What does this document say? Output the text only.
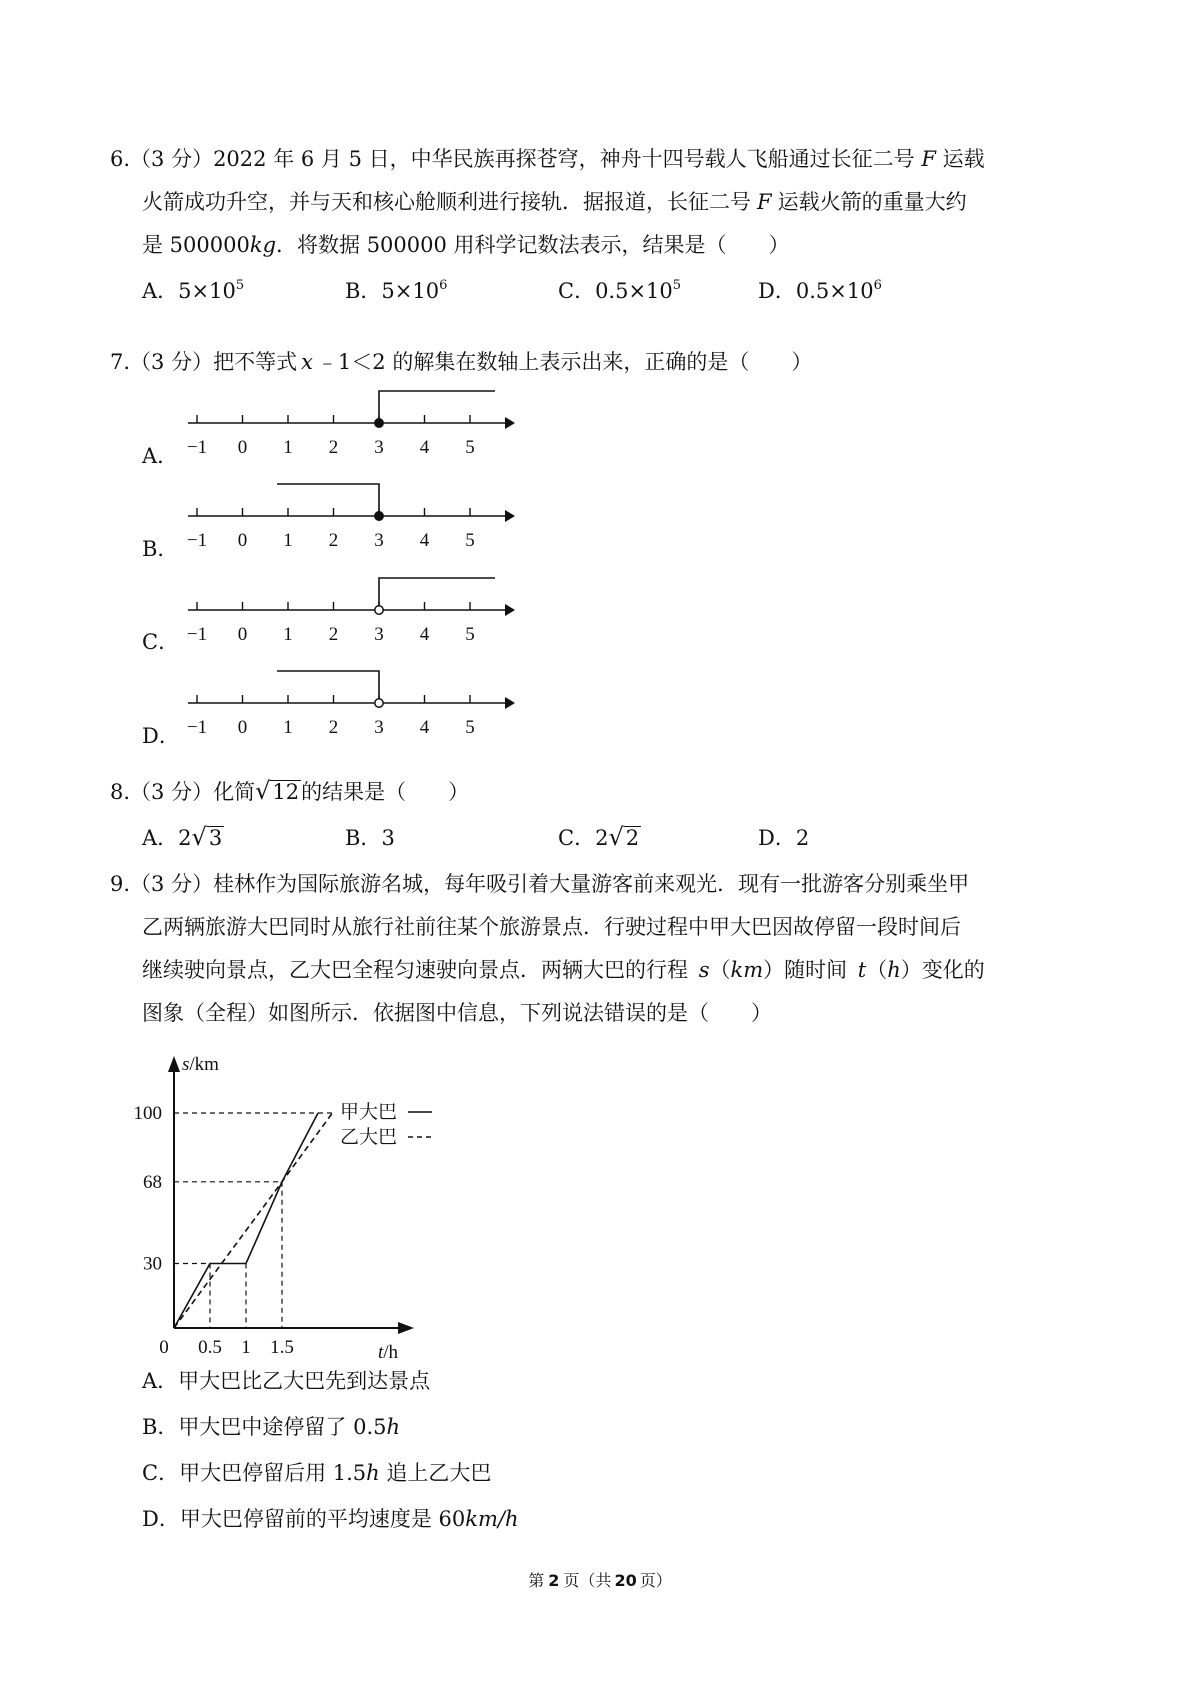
6.（3 分）2022 年 6 月 5 日，中华民族再探苍穹，神舟十四号载人飞船通过长征二号 F 运载
火箭成功升空，并与天和核心舱顺利进行接轨．据报道，长征二号 F 运载火箭的重量大约
是 500000kg．将数据 500000 用科学记数法表示，结果是（　　）
A．$5\times 10^5$	B．$5\times 10^6$	C．$0.5\times 10^5$	D．$0.5\times 10^6$
7.（3 分）把不等式 x ﹣1＜2 的解集在数轴上表示出来，正确的是（　　）
A．
B．
C．
D．
−1 0 1 2 3 4 5
−1 0 1 2 3 4 5
−1 0 1 2 3 4 5
−1 0 1 2 3 4 5
8.（3 分）化简√12的结果是（　　）
A．2√3	B．3	C．2√2	D．2
9.（3 分）桂林作为国际旅游名城，每年吸引着大量游客前来观光．现有一批游客分别乘坐甲
乙两辆旅游大巴同时从旅行社前往某个旅游景点．行驶过程中甲大巴因故停留一段时间后
继续驶向景点，乙大巴全程匀速驶向景点．两辆大巴的行程 s（km）随时间 t（h）变化的
图象（全程）如图所示．依据图中信息，下列说法错误的是（　　）
s/km
t/h
0 0.5 1 1.5
30
68
100	甲大巴
乙大巴
A．甲大巴比乙大巴先到达景点
B．甲大巴中途停留了 0.5h
C．甲大巴停留后用 1.5h 追上乙大巴
D．甲大巴停留前的平均速度是 60km/h
第 2 页（共 20 页）
